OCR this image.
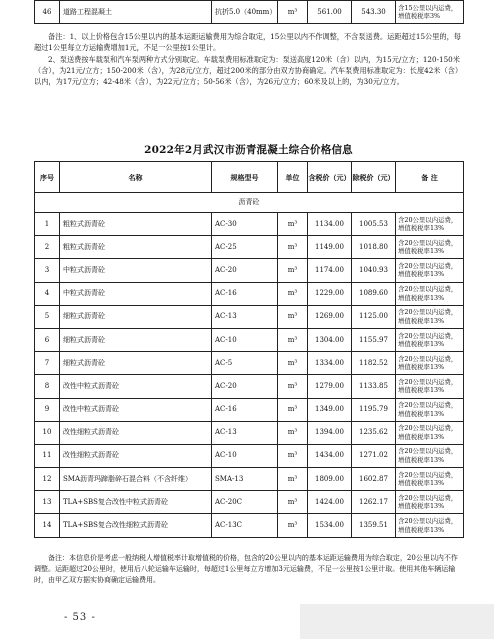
46	道路工程混凝土	抗折5.0（40mm）	m³	561.00	543.30	含15公里以内运费，增值税税率3%
备注：1、以上价格包含15公里以内的基本运距运输费用为综合取定，15公里以内不作调整，不含泵送费。运距超过15公里的，每超过1公里每立方运输费增加1元，不足一公里按1公里计。
2、泵送费按车载泵和汽车泵两种方式分别取定。车载泵费用标准取定为：泵送高度120米（含）以内，为15元/立方；120-150米（含），为21元/立方；150-200米（含），为28元/立方，超过200米的部分由双方协商确定。汽车泵费用标准取定为：长度42米（含）以内，为17元/立方；42-48米（含），为22元/立方；50-56米（含），为26元/立方；60米及以上的，为30元/立方。
2022年2月武汉市沥青混凝土综合价格信息
序号	名称	规格型号	单位	含税价（元）	除税价（元）	备 注
沥青砼						
1	粗粒式沥青砼	AC-30	m³	1134.00	1005.53	含20公里以内运费，增值税税率13%
2	粗粒式沥青砼	AC-25	m³	1149.00	1018.80	含20公里以内运费，增值税税率13%
3	中粒式沥青砼	AC-20	m³	1174.00	1040.93	含20公里以内运费，增值税税率13%
4	中粒式沥青砼	AC-16	m³	1229.00	1089.60	含20公里以内运费，增值税税率13%
5	细粒式沥青砼	AC-13	m³	1269.00	1125.00	含20公里以内运费，增值税税率13%
6	细粒式沥青砼	AC-10	m³	1304.00	1155.97	含20公里以内运费，增值税税率13%
7	细粒式沥青砼	AC-5	m³	1334.00	1182.52	含20公里以内运费，增值税税率13%
8	改性中粒式沥青砼	AC-20	m³	1279.00	1133.85	含20公里以内运费，增值税税率13%
9	改性中粒式沥青砼	AC-16	m³	1349.00	1195.79	含20公里以内运费，增值税税率13%
10	改性细粒式沥青砼	AC-13	m³	1394.00	1235.62	含20公里以内运费，增值税税率13%
11	改性细粒式沥青砼	AC-10	m³	1434.00	1271.02	含20公里以内运费，增值税税率13%
12	SMA沥青玛蹄脂碎石混合料（不含纤维）	SMA-13	m³	1809.00	1602.87	含20公里以内运费，增值税税率13%
13	TLA+SBS复合改性中粒式沥青砼	AC-20C	m³	1424.00	1262.17	含20公里以内运费，增值税税率13%
14	TLA+SBS复合改性细粒式沥青砼	AC-13C	m³	1534.00	1359.51	含20公里以内运费，增值税税率13%
备注：本信息价是考虑一般纳税人增值税率计取增值税的价格，包含的20公里以内的基本运距运输费用为综合取定，20公里以内不作调整。运距超过20公里时，使用后八轮运输车运输时，每超过1公里每立方增加3元运输费，不足一公里按1公里计取。使用其他车辆运输时，由甲乙双方据实协商确定运输费用。
- 53 -
